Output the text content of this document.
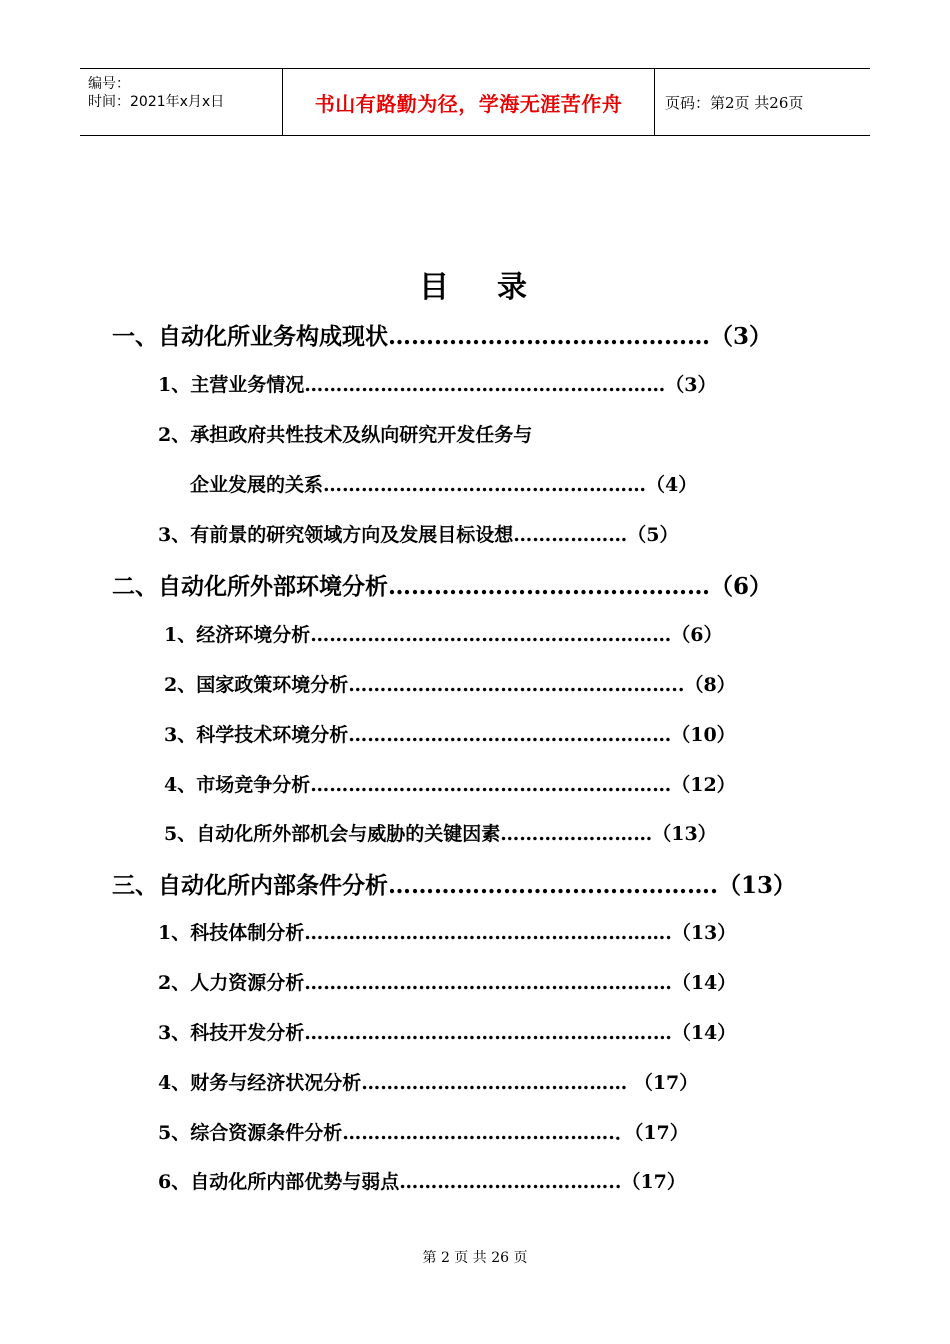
编号：
时间：2021年x月x日	书山有路勤为径，学海无涯苦作舟	页码：第2页 共26页
目 录
一、自动化所业务构成现状……………………………………（3）
1、主营业务情况…………………………………………………（3）
2、承担政府共性技术及纵向研究开发任务与
企业发展的关系……………………………………………（4）
3、有前景的研究领域方向及发展目标设想………………（5）
二、自动化所外部环境分析……………………………………（6）
1、经济环境分析…………………………………………………（6）
2、国家政策环境分析……………………………………………..（8）
3、科学技术环境分析……………………………………………（10）
4、市场竞争分析…………………………………………………（12）
5、自动化所外部机会与威胁的关键因素……………………（13）
三、自动化所内部条件分析…………………………………….（13）
1、科技体制分析………………………………………………….（13）
2、人力资源分析……………………………………………….…（14）
3、科技开发分析……………………………………………….…（14）
4、财务与经济状况分析…………………………………… （17）
5、综合资源条件分析…………………………………….．（17）
6、自动化所内部优势与弱点……………………………..（17）
第 2 页 共 26 页
